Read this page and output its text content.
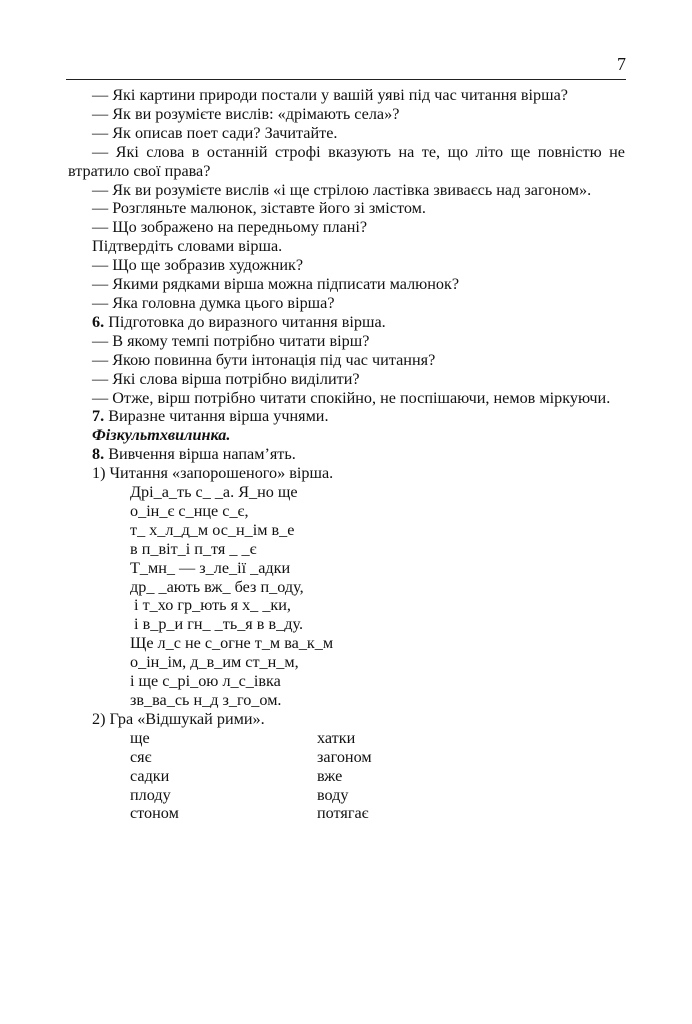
7

— Які картини природи постали у вашій уяві під час читання вірша?

— Як ви розумієте вислів: «дрімають села»?

— Як описав поет сади? Зачитайте.

— Які слова в останній строфі вказують на те, що літо ще повністю не втратило свої права?

— Як ви розумієте вислів «і ще стрілою ластівка звиваєсь над загоном».

— Розгляньте малюнок, зіставте його зі змістом.

— Що зображено на передньому плані?

Підтвердіть словами вірша.

— Що ще зобразив художник?

— Якими рядками вірша можна підписати малюнок?

— Яка головна думка цього вірша?

6. Підготовка до виразного читання вірша.

— В якому темпі потрібно читати вірш?

— Якою повинна бути інтонація під час читання?

— Які слова вірша потрібно виділити?

— Отже, вірш потрібно читати спокійно, не поспішаючи, немов міркуючи.

7. Виразне читання вірша учнями.

Фізкультхвилинка.

8. Вивчення вірша напам’ять.

1) Читання «запорошеного» вірша.

Дрі_а_ть с_ _а. Я_но ще

о_ін_є с_нце с_є,

т_ х_л_д_м ос_н_ім в_е

в п_віт_і п_тя _ _є

Т_мн_ — з_ле_ії _адки

др_ _ають вж_ без п_оду,

і т_хо гр_ють я х_ _ки,

і в_р_и гн_ _ть_я в в_ду.

Ще л_с не с_огне т_м ва_к_м

о_ін_ім, д_в_им ст_н_м,

і ще с_рі_ою л_с_івка

зв_ва_сь н_д з_го_ом.

2) Гра «Відшукай рими».

ще	хатки
сяє	загоном
садки	вже
плоду	воду
стоном	потягає
